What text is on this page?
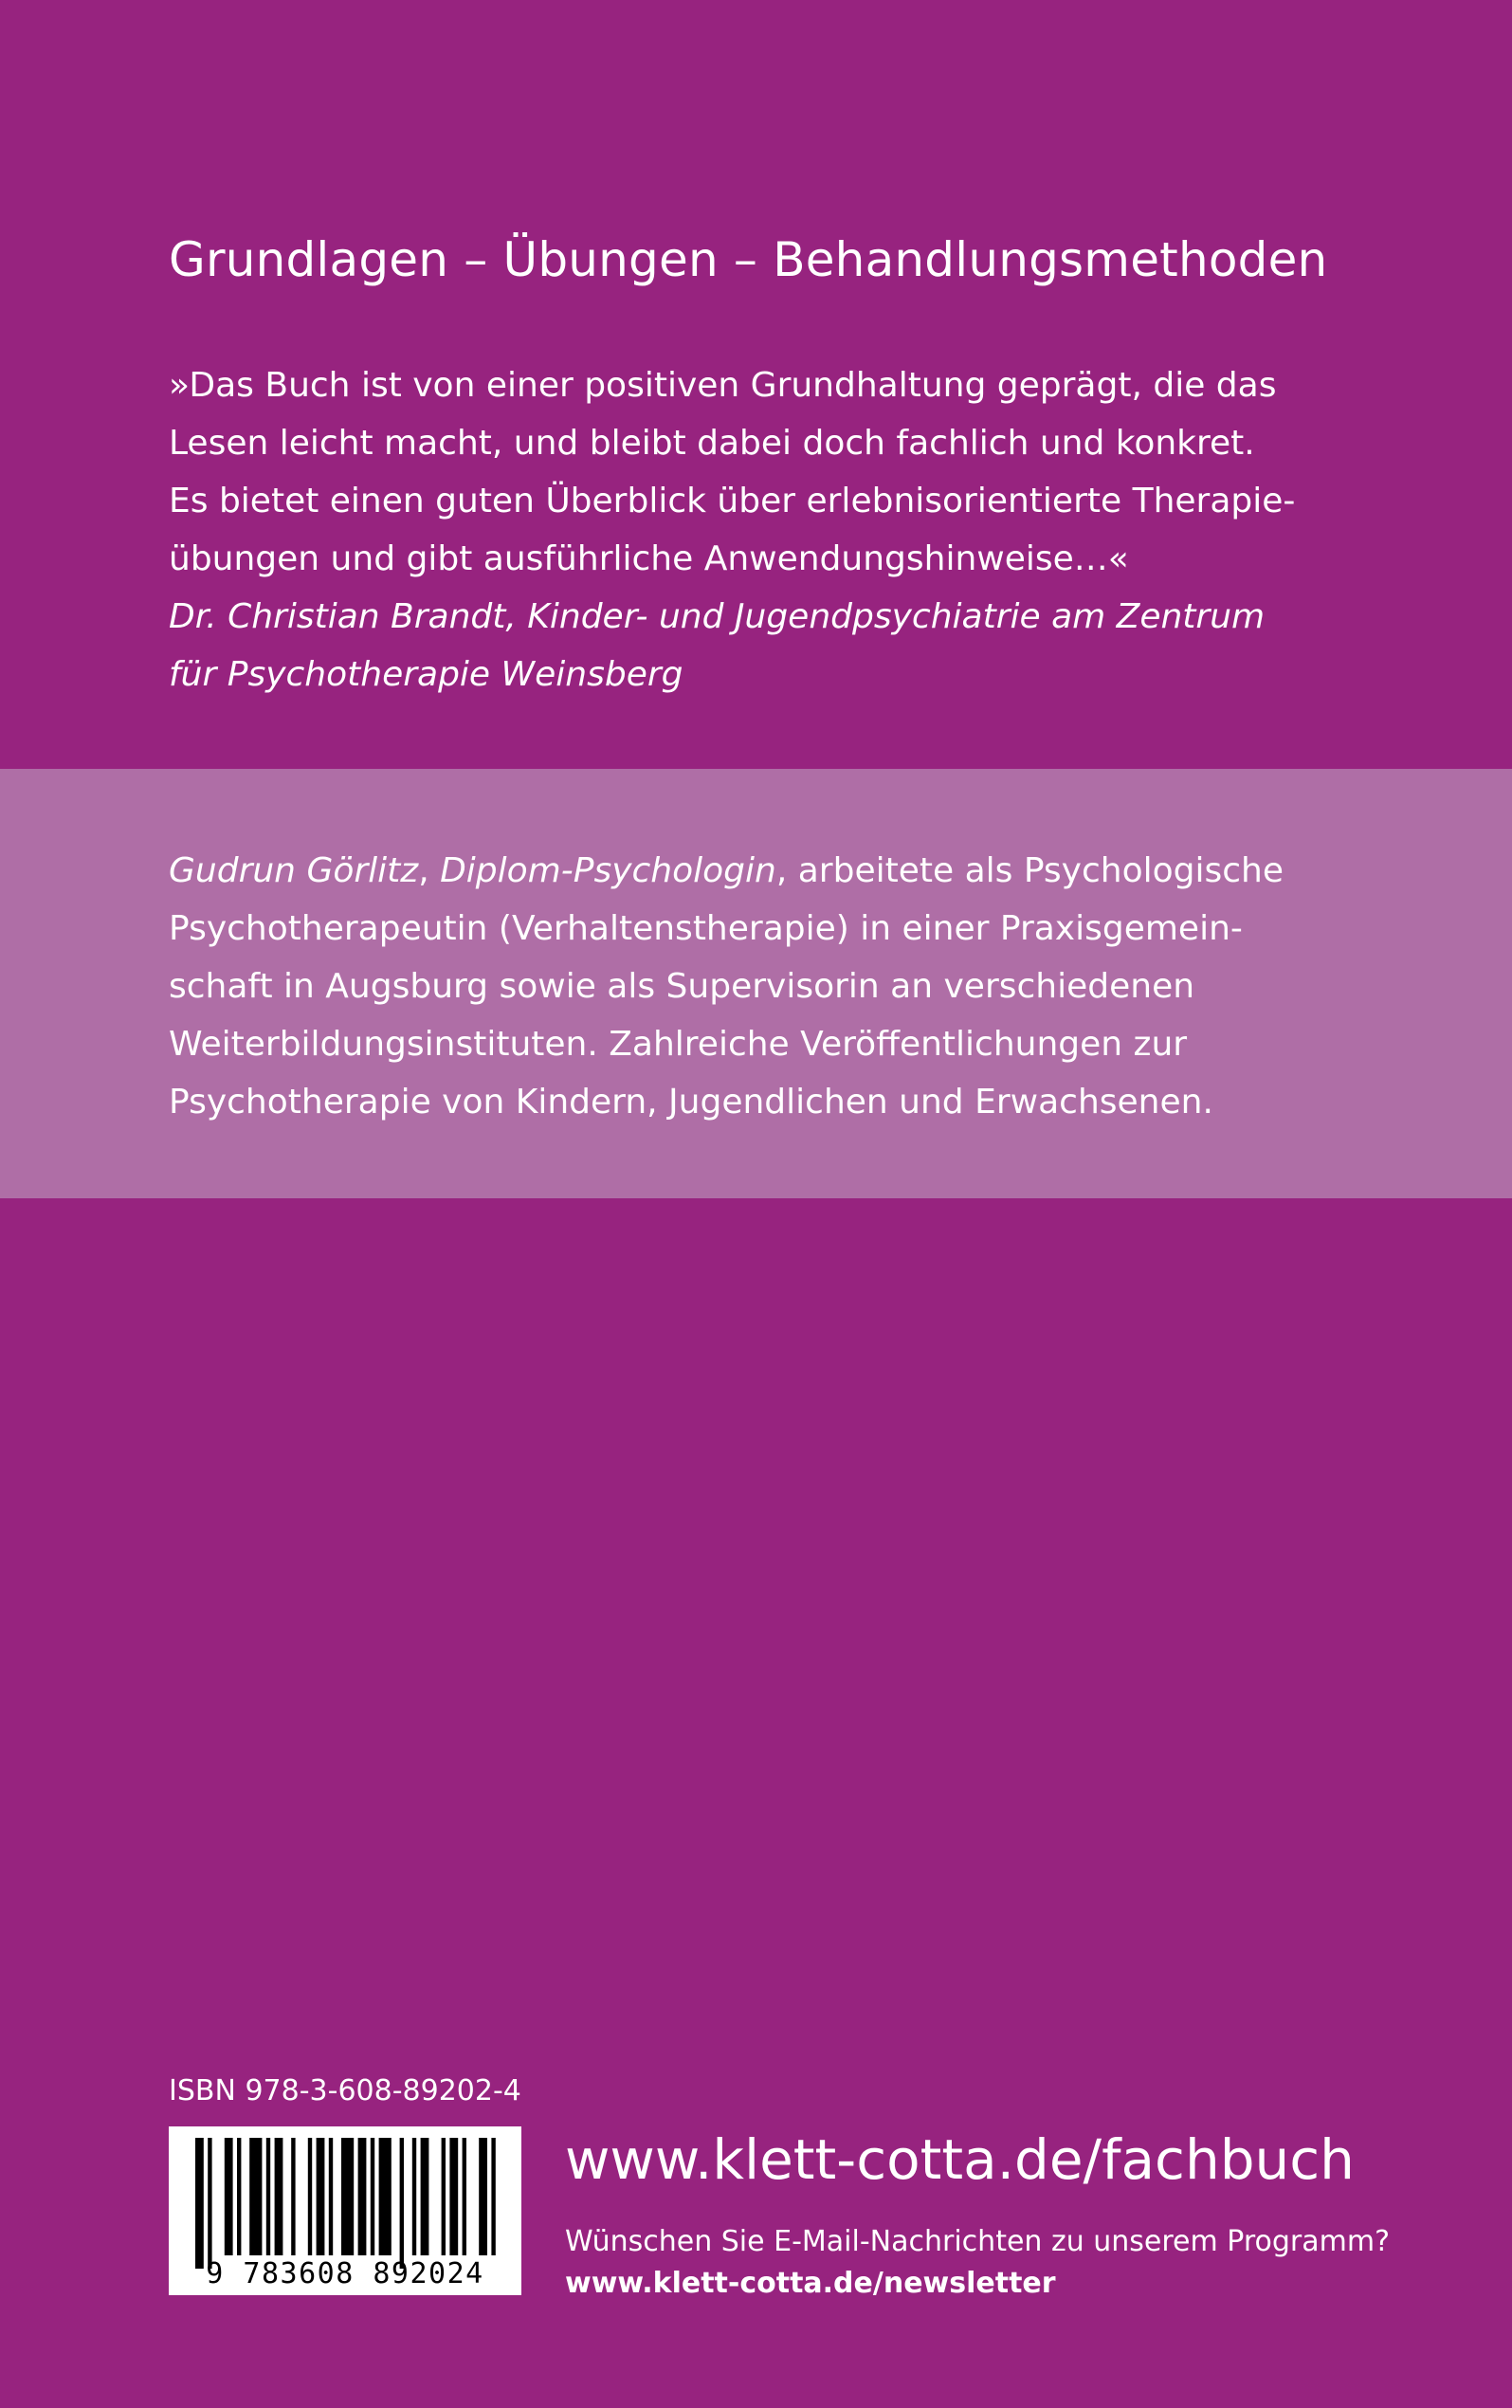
Grundlagen – Übungen – Behandlungsmethoden
»Das Buch ist von einer positiven Grundhaltung geprägt, die das
Lesen leicht macht, und bleibt dabei doch fachlich und konkret.
Es bietet einen guten Überblick über erlebnisorientierte Therapie-
übungen und gibt ausführliche Anwendungshinweise…«
Dr. Christian Brandt, Kinder- und Jugendpsychiatrie am Zentrum
für Psychotherapie Weinsberg
Gudrun Görlitz, Diplom-Psychologin, arbeitete als Psychologische
Psychotherapeutin (Verhaltenstherapie) in einer Praxisgemein-
schaft in Augsburg sowie als Supervisorin an verschiedenen
Weiterbildungsinstituten. Zahlreiche Veröffentlichungen zur
Psychotherapie von Kindern, Jugendlichen und Erwachsenen.
ISBN 978-3-608-89202-4
9 783608 892024
www.klett-cotta.de/fachbuch
Wünschen Sie E-Mail-Nachrichten zu unserem Programm?
www.klett-cotta.de/newsletter
